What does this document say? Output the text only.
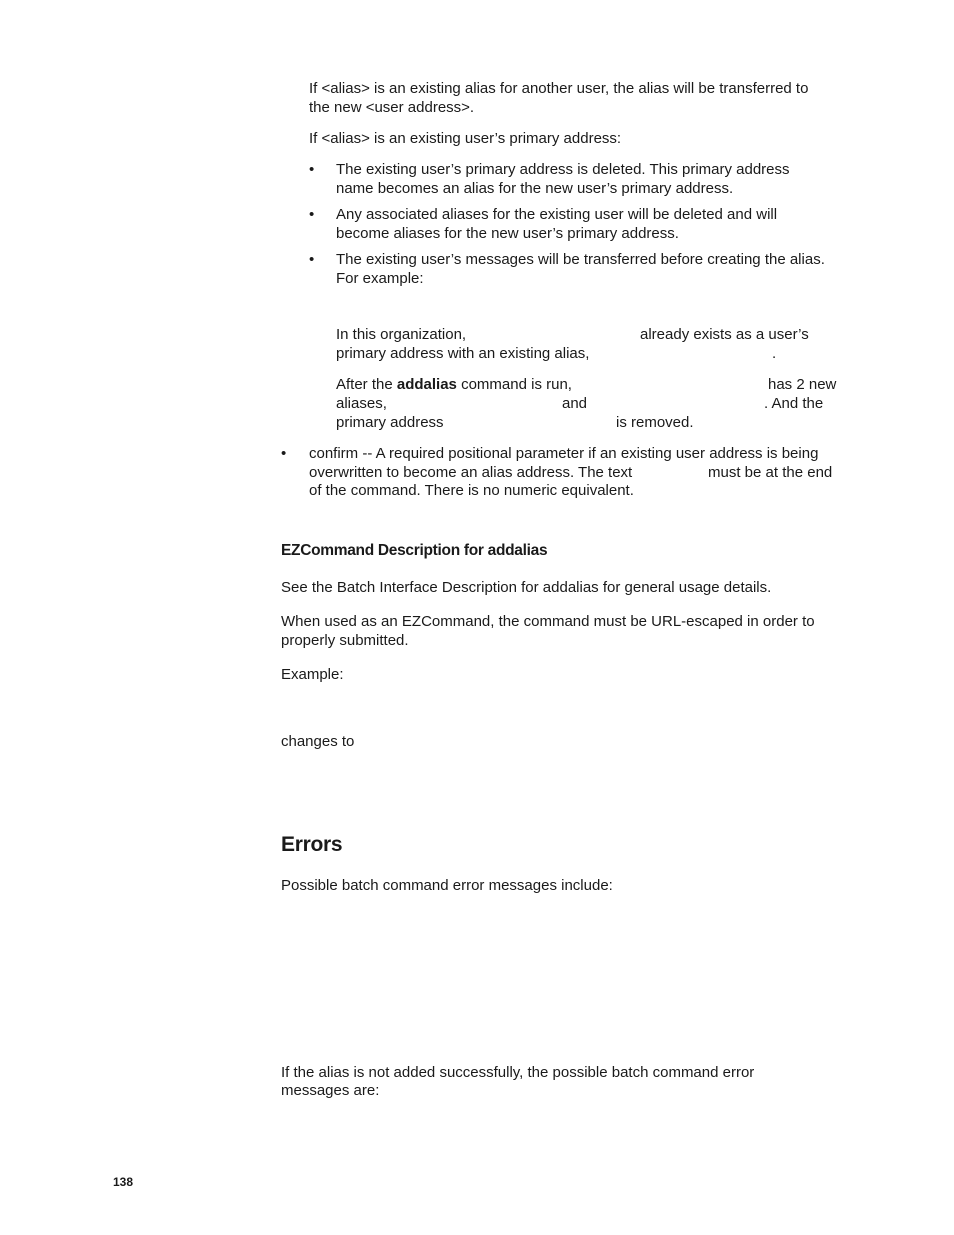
If <alias> is an existing alias for another user, the alias will be transferred to
the new <user address>.
If <alias> is an existing user’s primary address:
• The existing user’s primary address is deleted. This primary address
name becomes an alias for the new user’s primary address.
• Any associated aliases for the existing user will be deleted and will
become aliases for the new user’s primary address.
• The existing user’s messages will be transferred before creating the alias.
For example:
In this organization,	already exists as a user’s
primary address with an existing alias,	.
After the addalias command is run,	has 2 new
aliases,	and	. And the
primary address	is removed.
• confirm -- A required positional parameter if an existing user address is being
overwritten to become an alias address. The text	must be at the end
of the command. There is no numeric equivalent.
EZCommand Description for addalias
See the Batch Interface Description for addalias for general usage details.
When used as an EZCommand, the command must be URL-escaped in order to
properly submitted.
Example:
changes to
Errors
Possible batch command error messages include:
If the alias is not added successfully, the possible batch command error
messages are:
138
